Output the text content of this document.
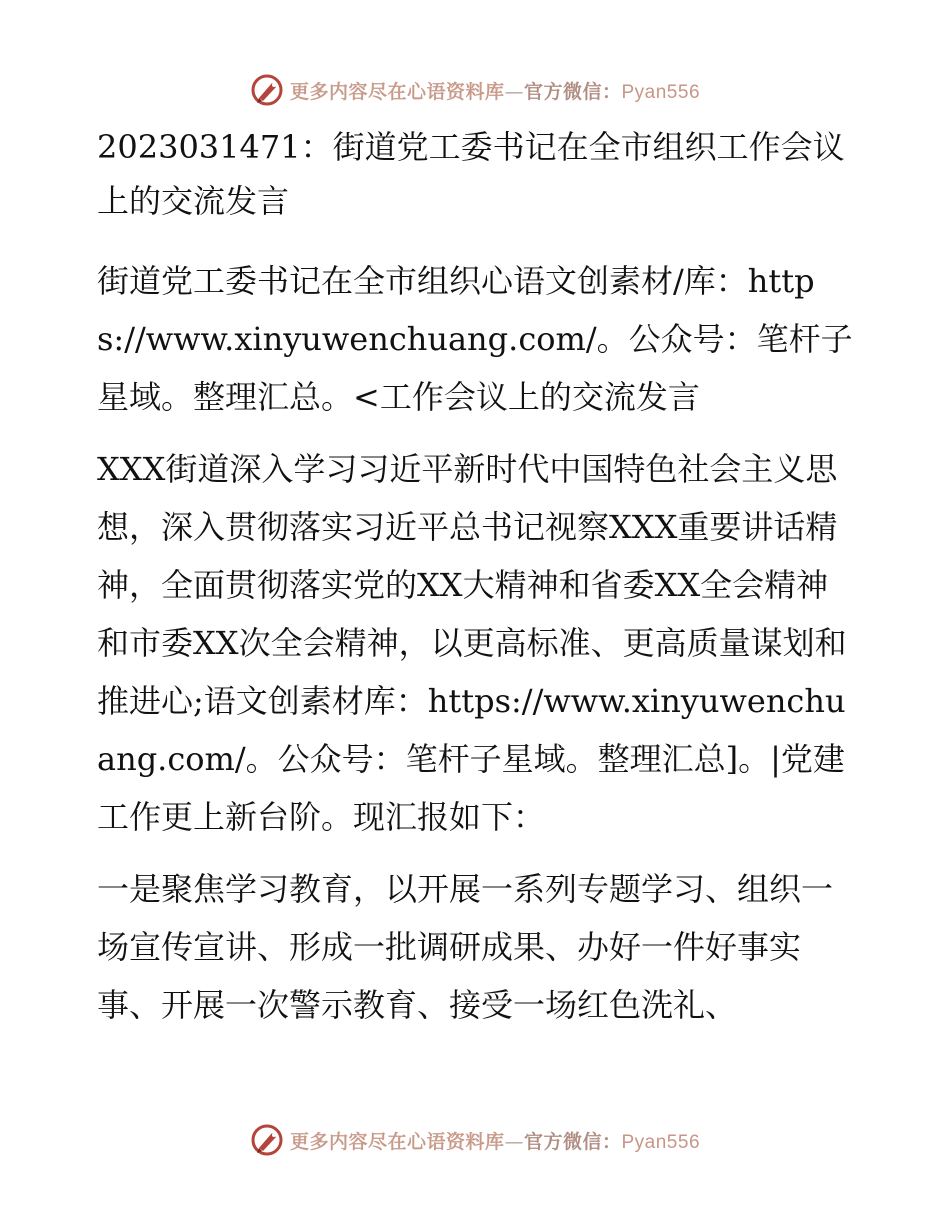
更多内容尽在心语资料库—官方微信：Pyan556

2023031471：街道党工委书记在全市组织工作会议上的交流发言

街道党工委书记在全市组织心语文创素材/库：https://www.xinyuwenchuang.com/。公众号：笔杆子星域。整理汇总。<工作会议上的交流发言

XXX街道深入学习习近平新时代中国特色社会主义思想，深入贯彻落实习近平总书记视察XXX重要讲话精神，全面贯彻落实党的XX大精神和省委XX全会精神和市委XX次全会精神，以更高标准、更高质量谋划和推进心;语文创素材库：https://www.xinyuwenchuang.com/。公众号：笔杆子星域。整理汇总]。|党建工作更上新台阶。现汇报如下：

一是聚焦学习教育，以开展一系列专题学习、组织一场宣传宣讲、形成一批调研成果、办好一件好事实事、开展一次警示教育、接受一场红色洗礼、

更多内容尽在心语资料库—官方微信：Pyan556
